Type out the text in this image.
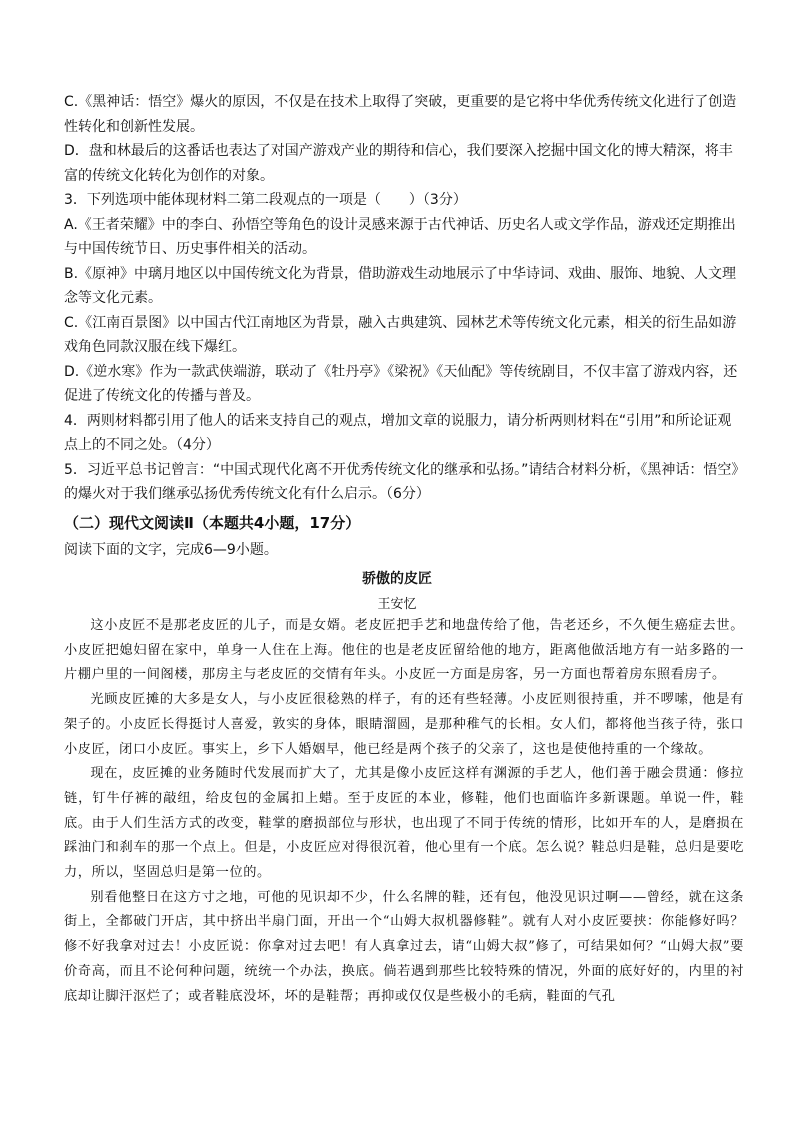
C.《黑神话：悟空》爆火的原因，不仅是在技术上取得了突破，更重要的是它将中华优秀传统文化进行了创造性转化和创新性发展。

D．盘和林最后的这番话也表达了对国产游戏产业的期待和信心，我们要深入挖掘中国文化的博大精深，将丰富的传统文化转化为创作的对象。

3．下列选项中能体现材料二第二段观点的一项是（　　）（3分）

A.《王者荣耀》中的李白、孙悟空等角色的设计灵感来源于古代神话、历史名人或文学作品，游戏还定期推出与中国传统节日、历史事件相关的活动。

B.《原神》中璃月地区以中国传统文化为背景，借助游戏生动地展示了中华诗词、戏曲、服饰、地貌、人文理念等文化元素。

C.《江南百景图》以中国古代江南地区为背景，融入古典建筑、园林艺术等传统文化元素，相关的衍生品如游戏角色同款汉服在线下爆红。

D.《逆水寒》作为一款武侠端游，联动了《牡丹亭》《梁祝》《天仙配》等传统剧目，不仅丰富了游戏内容，还促进了传统文化的传播与普及。

4．两则材料都引用了他人的话来支持自己的观点，增加文章的说服力，请分析两则材料在“引用”和所论证观点上的不同之处。（4分）

5．习近平总书记曾言：“中国式现代化离不开优秀传统文化的继承和弘扬。”请结合材料分析，《黑神话：悟空》的爆火对于我们继承弘扬优秀传统文化有什么启示。（6分）

（二）现代文阅读Ⅱ（本题共4小题，17分）
阅读下面的文字，完成6—9小题。
骄傲的皮匠
王安忆

这小皮匠不是那老皮匠的儿子，而是女婿。老皮匠把手艺和地盘传给了他，告老还乡，不久便生癌症去世。小皮匠把媳妇留在家中，单身一人住在上海。他住的也是老皮匠留给他的地方，距离他做活地方有一站多路的一片棚户里的一间阁楼，那房主与老皮匠的交情有年头。小皮匠一方面是房客，另一方面也帮着房东照看房子。

光顾皮匠摊的大多是女人，与小皮匠很稔熟的样子，有的还有些轻薄。小皮匠则很持重，并不啰嗦，他是有架子的。小皮匠长得挺讨人喜爱，敦实的身体，眼睛溜圆，是那种稚气的长相。女人们，都将他当孩子待，张口小皮匠，闭口小皮匠。事实上，乡下人婚姻早，他已经是两个孩子的父亲了，这也是使他持重的一个缘故。

现在，皮匠摊的业务随时代发展而扩大了，尤其是像小皮匠这样有渊源的手艺人，他们善于融会贯通：修拉链，钉牛仔裤的敲纽，给皮包的金属扣上蜡。至于皮匠的本业，修鞋，他们也面临许多新课题。单说一件，鞋底。由于人们生活方式的改变，鞋掌的磨损部位与形状，也出现了不同于传统的情形，比如开车的人，是磨损在踩油门和刹车的那一个点上。但是，小皮匠应对得很沉着，他心里有一个底。怎么说？鞋总归是鞋，总归是要吃力，所以，坚固总归是第一位的。

别看他整日在这方寸之地，可他的见识却不少，什么名牌的鞋，还有包，他没见识过啊——曾经，就在这条街上，全都破门开店，其中挤出半扇门面，开出一个“山姆大叔机器修鞋”。就有人对小皮匠要挟：你能修好吗？修不好我拿对过去！小皮匠说：你拿对过去吧！有人真拿过去，请“山姆大叔”修了，可结果如何？“山姆大叔”要价奇高，而且不论何种问题，统统一个办法，换底。倘若遇到那些比较特殊的情况，外面的底好好的，内里的衬底却让脚汗沤烂了；或者鞋底没坏，坏的是鞋帮；再抑或仅仅是些极小的毛病，鞋面的气孔
